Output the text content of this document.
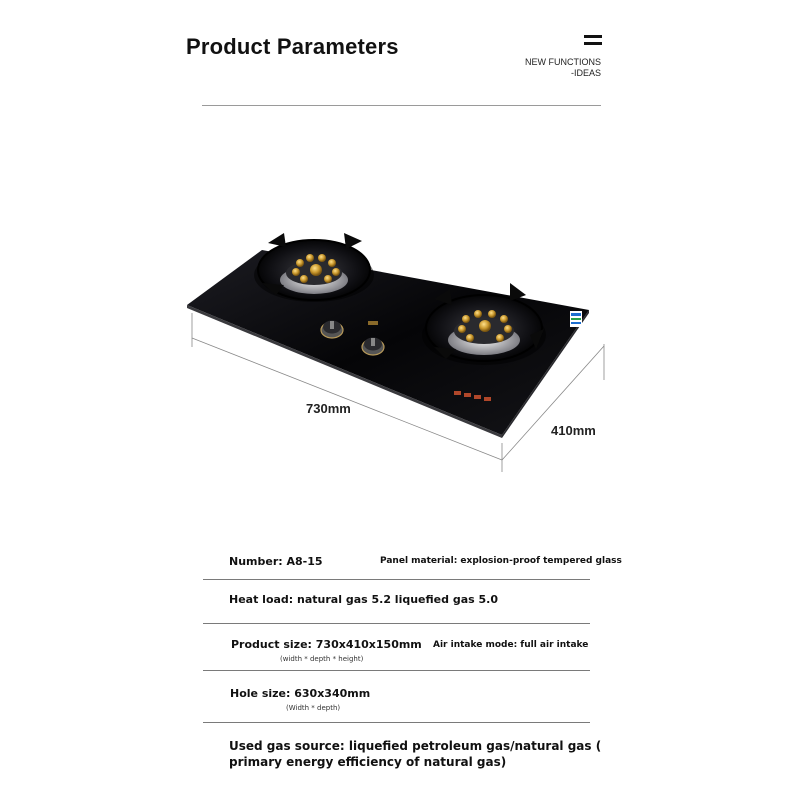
Product Parameters
NEW FUNCTIONS
-IDEAS
730mm
410mm
Number: A8-15	Panel material: explosion-proof tempered glass
Heat load: natural gas 5.2 liquefied gas 5.0
Product size: 730x410x150mm
(width * depth * height)
Air intake mode: full air intake
Hole size: 630x340mm
(Width * depth)
Used gas source: liquefied petroleum gas/natural gas (
primary energy efficiency of natural gas)
